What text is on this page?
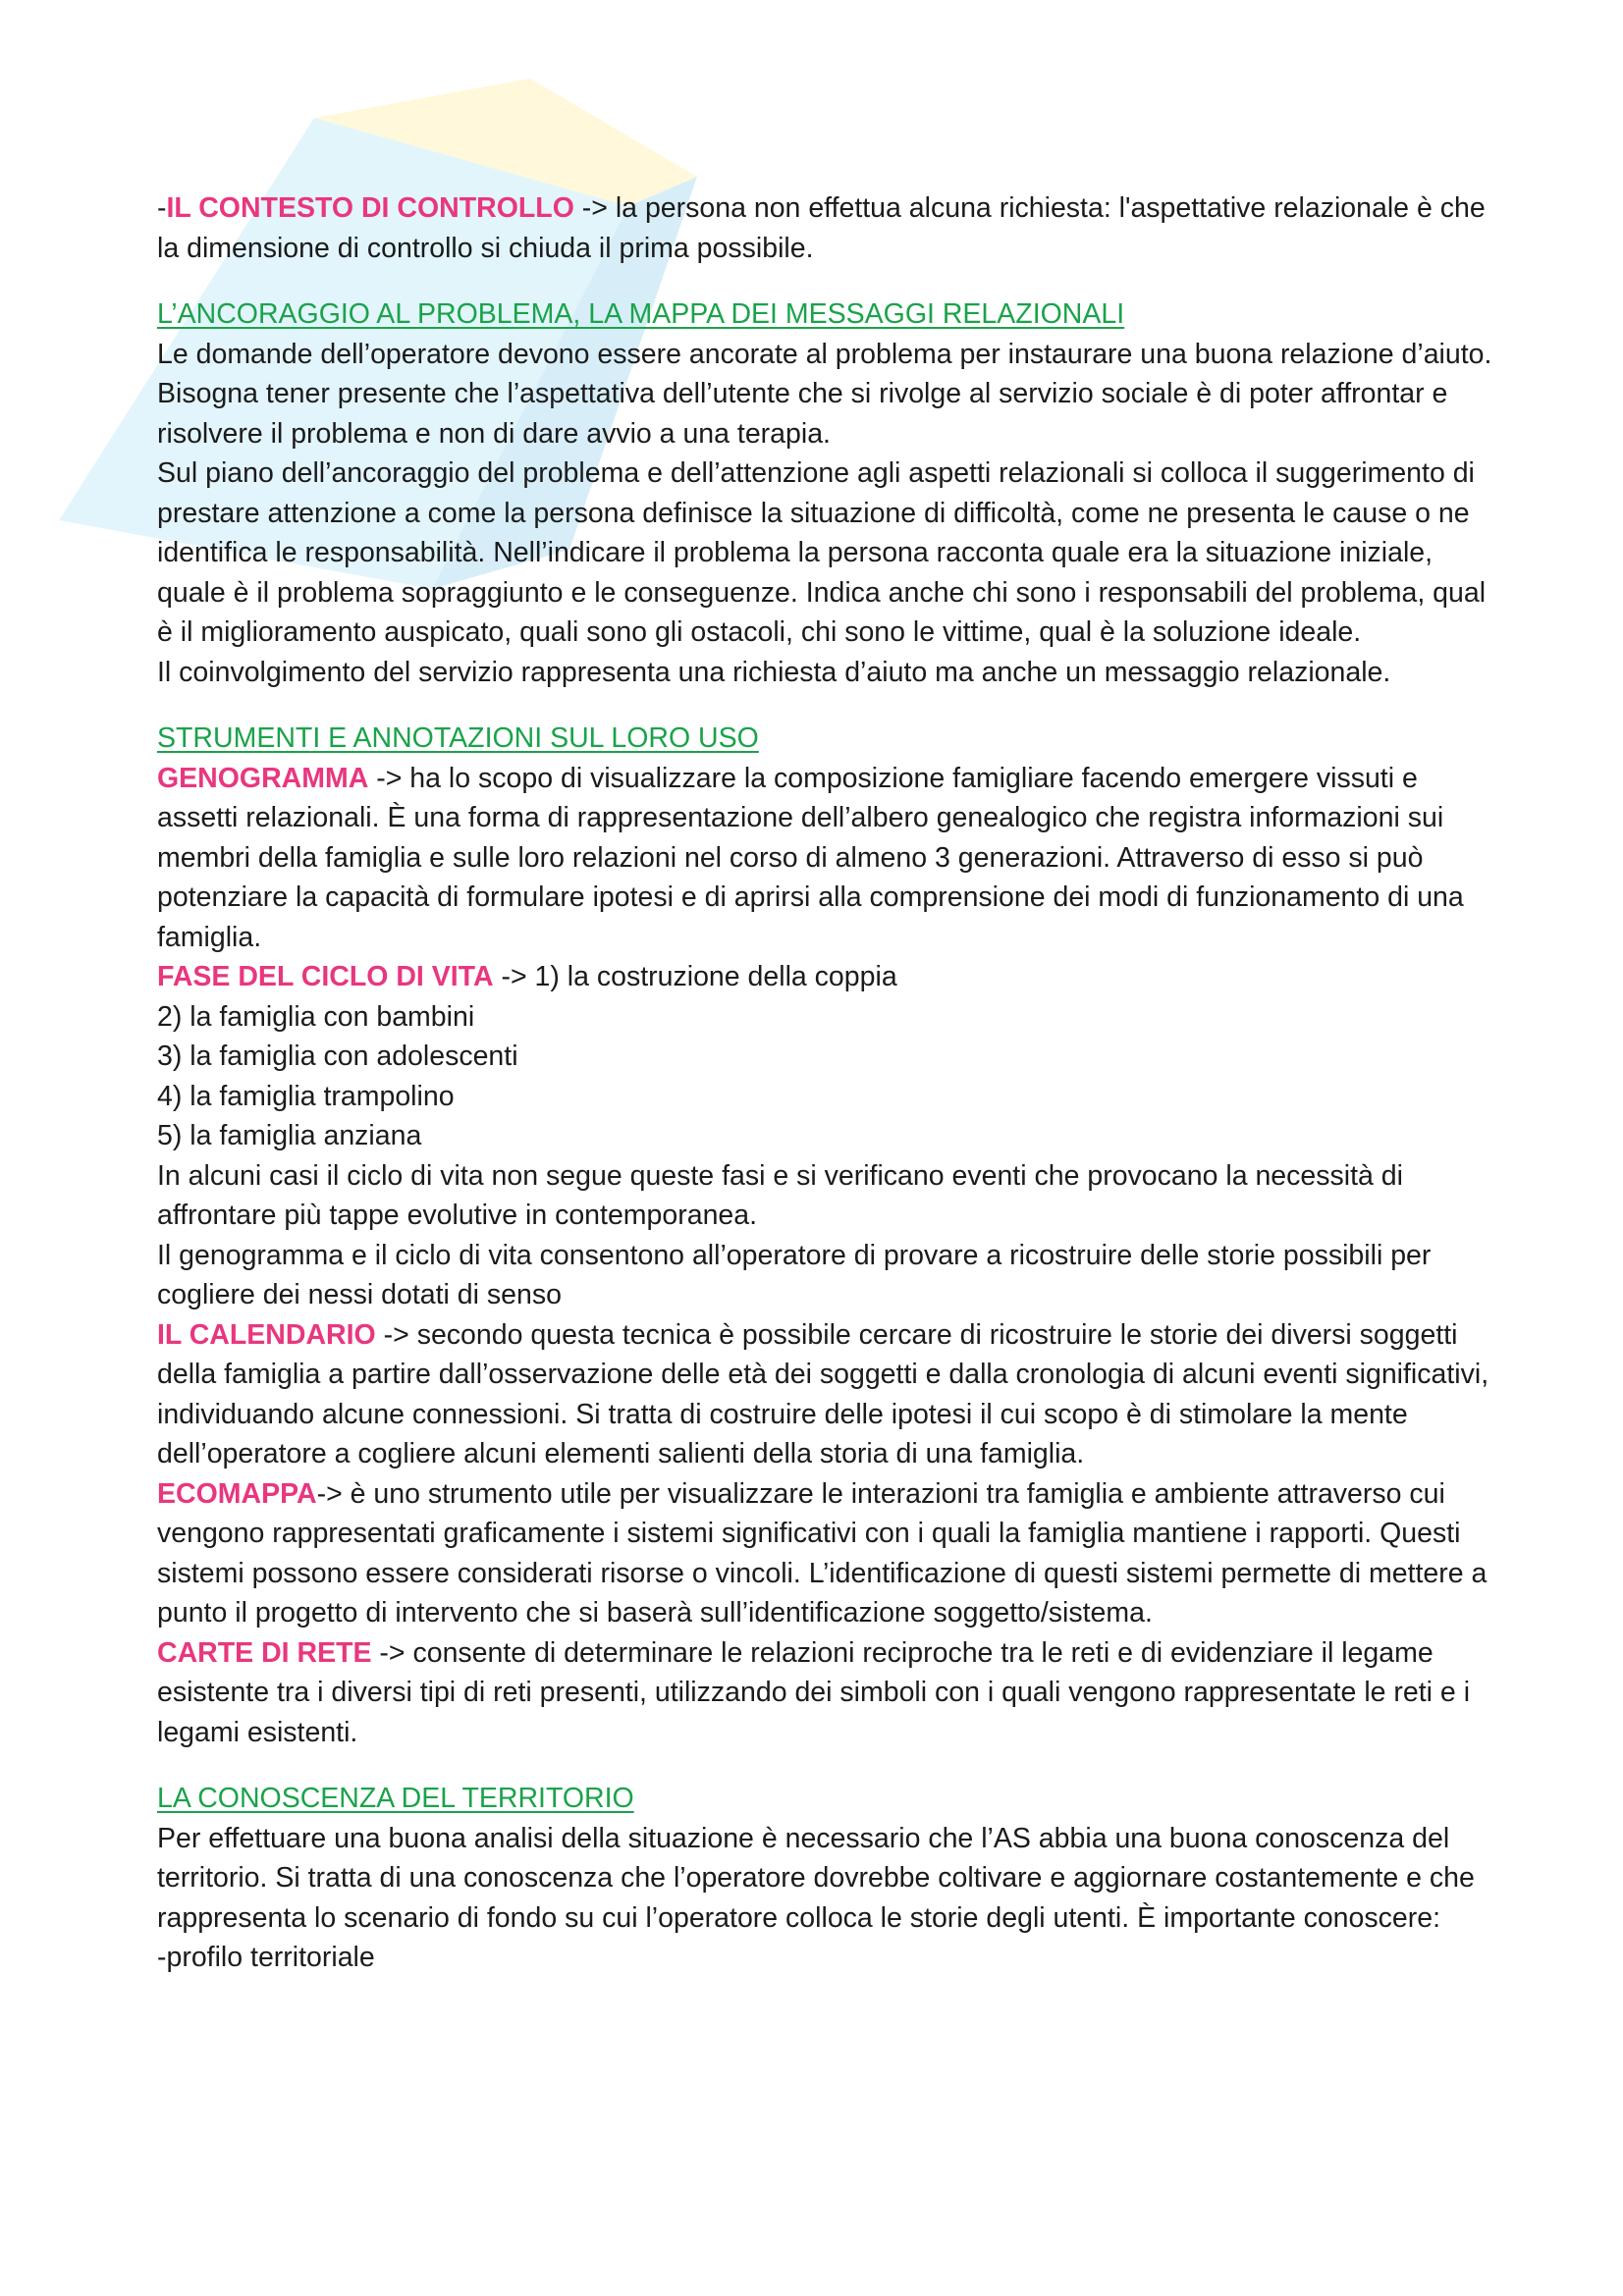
-IL CONTESTO DI CONTROLLO -> la persona non effettua alcuna richiesta: l'aspettative relazionale è che la dimensione di controllo si chiuda il prima possibile.

L’ANCORAGGIO AL PROBLEMA, LA MAPPA DEI MESSAGGI RELAZIONALI

Le domande dell’operatore devono essere ancorate al problema per instaurare una buona relazione d’aiuto. Bisogna tener presente che l’aspettativa dell’utente che si rivolge al servizio sociale è di poter affrontar e risolvere il problema e non di dare avvio a una terapia.

Sul piano dell’ancoraggio del problema e dell’attenzione agli aspetti relazionali si colloca il suggerimento di prestare attenzione a come la persona definisce la situazione di difficoltà, come ne presenta le cause o ne identifica le responsabilità. Nell’indicare il problema la persona racconta quale era la situazione iniziale, quale è il problema sopraggiunto e le conseguenze. Indica anche chi sono i responsabili del problema, qual è il miglioramento auspicato, quali sono gli ostacoli, chi sono le vittime, qual è la soluzione ideale.

Il coinvolgimento del servizio rappresenta una richiesta d’aiuto ma anche un messaggio relazionale.

STRUMENTI E ANNOTAZIONI SUL LORO USO

GENOGRAMMA -> ha lo scopo di visualizzare la composizione famigliare facendo emergere vissuti e assetti relazionali. È una forma di rappresentazione dell’albero genealogico che registra informazioni sui membri della famiglia e sulle loro relazioni nel corso di almeno 3 generazioni. Attraverso di esso si può potenziare la capacità di formulare ipotesi e di aprirsi alla comprensione dei modi di funzionamento di una famiglia.

FASE DEL CICLO DI VITA -> 1) la costruzione della coppia

2) la famiglia con bambini

3) la famiglia con adolescenti

4) la famiglia trampolino

5) la famiglia anziana

In alcuni casi il ciclo di vita non segue queste fasi e si verificano eventi che provocano la necessità di affrontare più tappe evolutive in contemporanea.

Il genogramma e il ciclo di vita consentono all’operatore di provare a ricostruire delle storie possibili per cogliere dei nessi dotati di senso

IL CALENDARIO -> secondo questa tecnica è possibile cercare di ricostruire le storie dei diversi soggetti della famiglia a partire dall’osservazione delle età dei soggetti e dalla cronologia di alcuni eventi significativi, individuando alcune connessioni. Si tratta di costruire delle ipotesi il cui scopo è di stimolare la mente dell’operatore a cogliere alcuni elementi salienti della storia di una famiglia.

ECOMAPPA-> è uno strumento utile per visualizzare le interazioni tra famiglia e ambiente attraverso cui vengono rappresentati graficamente i sistemi significativi con i quali la famiglia mantiene i rapporti. Questi sistemi possono essere considerati risorse o vincoli. L’identificazione di questi sistemi permette di mettere a punto il progetto di intervento che si baserà sull’identificazione soggetto/sistema.

CARTE DI RETE -> consente di determinare le relazioni reciproche tra le reti e di evidenziare il legame esistente tra i diversi tipi di reti presenti, utilizzando dei simboli con i quali vengono rappresentate le reti e i legami esistenti.

LA CONOSCENZA DEL TERRITORIO

Per effettuare una buona analisi della situazione è necessario che l’AS abbia una buona conoscenza del territorio. Si tratta di una conoscenza che l’operatore dovrebbe coltivare e aggiornare costantemente e che rappresenta lo scenario di fondo su cui l’operatore colloca le storie degli utenti. È importante conoscere:

-profilo territoriale
